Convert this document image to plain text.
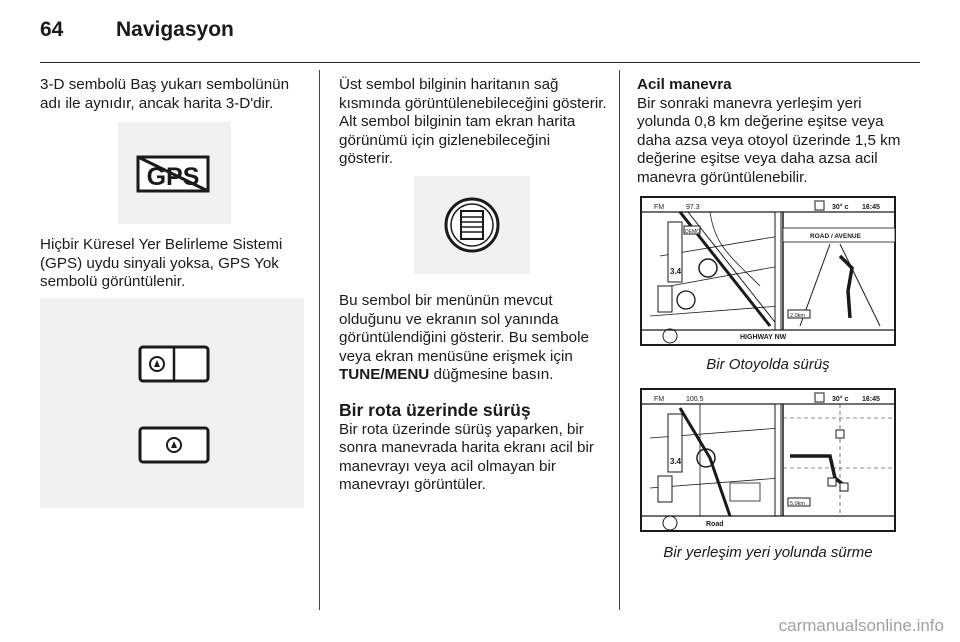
64	Navigasyon

3-D sembolü Baş yukarı sembolünün adı ile aynıdır, ancak harita 3-D'dir.

GPS

Hiçbir Küresel Yer Belirleme Sistemi (GPS) uydu sinyali yoksa, GPS Yok sembolü görüntülenir.

Üst sembol bilginin haritanın sağ kısmında görüntülenebileceğini gösterir. Alt sembol bilginin tam ekran harita görünümü için gizlenebileceğini gösterir.

Bu sembol bir menünün mevcut olduğunu ve ekranın sol yanında görüntülendiğini gösterir. Bu sembole veya ekran menüsüne erişmek için TUNE/MENU düğmesine basın.

Bir rota üzerinde sürüş

Bir rota üzerinde sürüş yaparken, bir sonra manevrada harita ekranı acil bir manevrayı veya acil olmayan bir manevrayı görüntüler.

Acil manevra

Bir sonraki manevra yerleşim yeri yolunda 0,8 km değerine eşitse veya daha azsa veya otoyol üzerinde 1,5 km değerine eşitse veya daha azsa acil manevra görüntülenebilir.

FM	97.3	30° c 16:45
3.4
DEMO
ROAD / AVENUE
2.0km
HIGHWAY NW
Bir Otoyolda sürüş
FM	100.5	30° c 16:45
3.4
5.0km
Road
Bir yerleşim yeri yolunda sürme
carmanualsonline.info
